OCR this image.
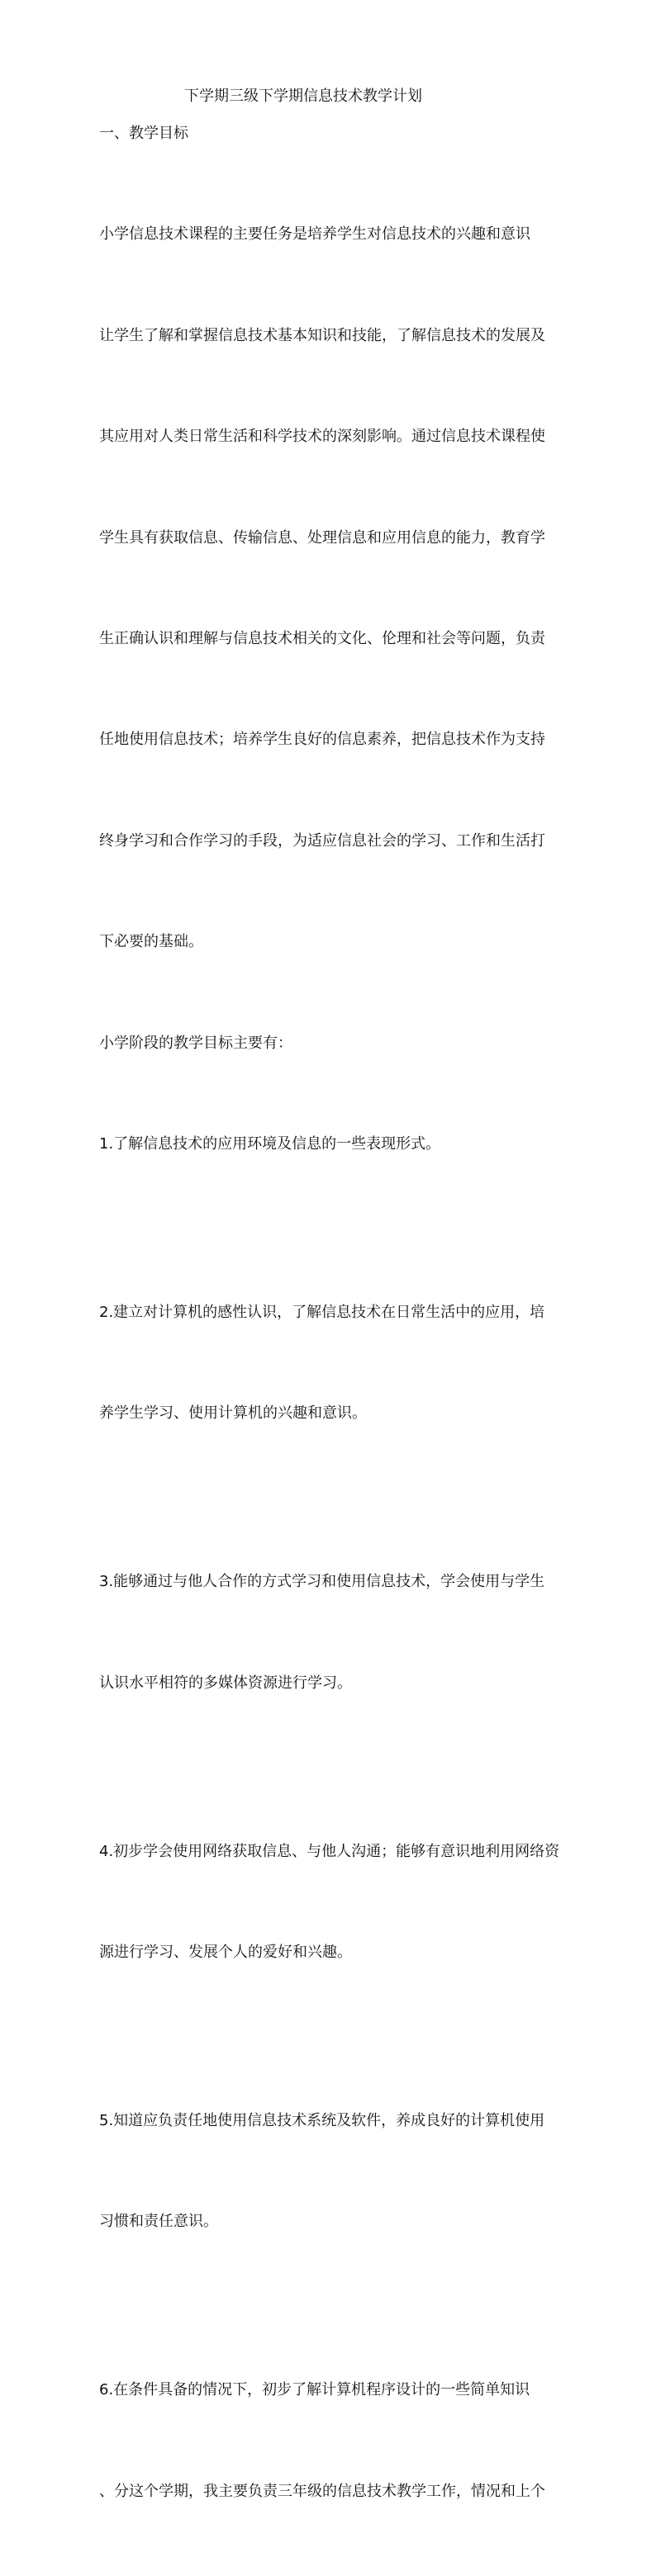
下学期三级下学期信息技术教学计划

一、教学目标

小学信息技术课程的主要任务是培养学生对信息技术的兴趣和意识

让学生了解和掌握信息技术基本知识和技能，了解信息技术的发展及

其应用对人类日常生活和科学技术的深刻影响。通过信息技术课程使

学生具有获取信息、传输信息、处理信息和应用信息的能力，教育学

生正确认识和理解与信息技术相关的文化、伦理和社会等问题，负责

任地使用信息技术；培养学生良好的信息素养，把信息技术作为支持

终身学习和合作学习的手段，为适应信息社会的学习、工作和生活打

下必要的基础。

小学阶段的教学目标主要有：

1.了解信息技术的应用环境及信息的一些表现形式。

2.建立对计算机的感性认识，了解信息技术在日常生活中的应用，培

养学生学习、使用计算机的兴趣和意识。

3.能够通过与他人合作的方式学习和使用信息技术，学会使用与学生

认识水平相符的多媒体资源进行学习。

4.初步学会使用网络获取信息、与他人沟通；能够有意识地利用网络资

源进行学习、发展个人的爱好和兴趣。

5.知道应负责任地使用信息技术系统及软件，养成良好的计算机使用

习惯和责任意识。

6.在条件具备的情况下，初步了解计算机程序设计的一些简单知识

、分这个学期，我主要负责三年级的信息技术教学工作，情况和上个
